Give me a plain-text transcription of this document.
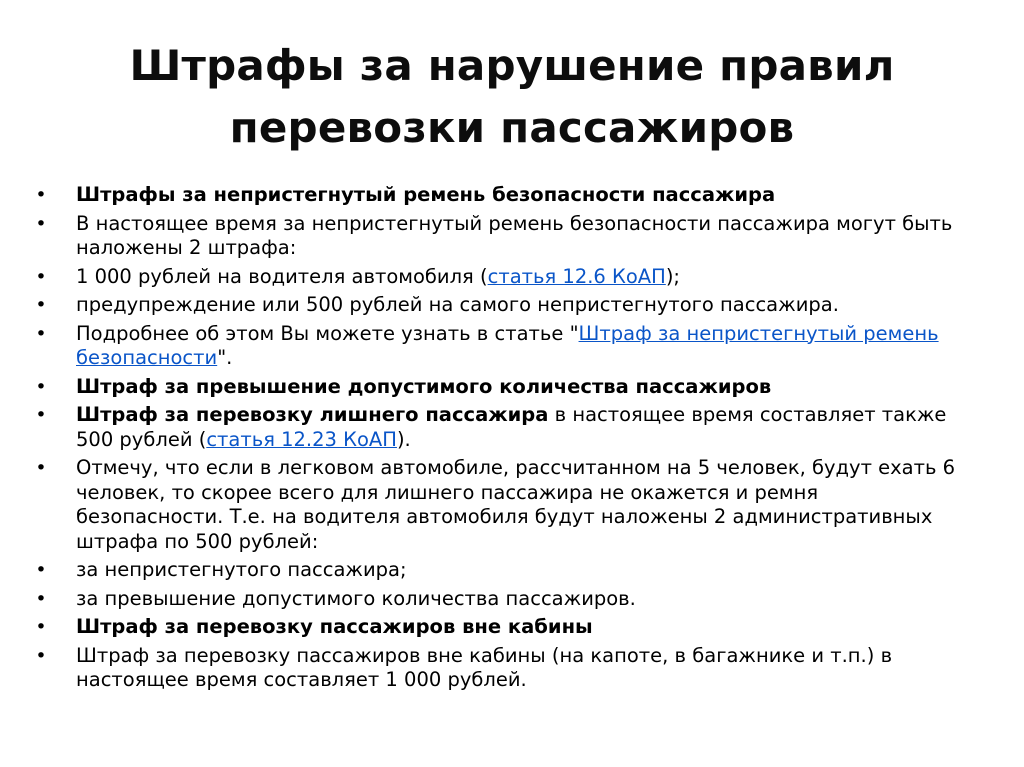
Штрафы за нарушение правил
перевозки пассажиров
• Штрафы за непристегнутый ремень безопасности пассажира
• В настоящее время за непристегнутый ремень безопасности пассажира могут быть
наложены 2 штрафа:
• 1 000 рублей на водителя автомобиля (статья 12.6 КоАП);
• предупреждение или 500 рублей на самого непристегнутого пассажира.
• Подробнее об этом Вы можете узнать в статье "Штраф за непристегнутый ремень
безопасности".
• Штраф за превышение допустимого количества пассажиров
• Штраф за перевозку лишнего пассажира в настоящее время составляет также
500 рублей (статья 12.23 КоАП).
• Отмечу, что если в легковом автомобиле, рассчитанном на 5 человек, будут ехать 6
человек, то скорее всего для лишнего пассажира не окажется и ремня
безопасности. Т.е. на водителя автомобиля будут наложены 2 административных
штрафа по 500 рублей:
• за непристегнутого пассажира;
• за превышение допустимого количества пассажиров.
• Штраф за перевозку пассажиров вне кабины
• Штраф за перевозку пассажиров вне кабины (на капоте, в багажнике и т.п.) в
настоящее время составляет 1 000 рублей.
